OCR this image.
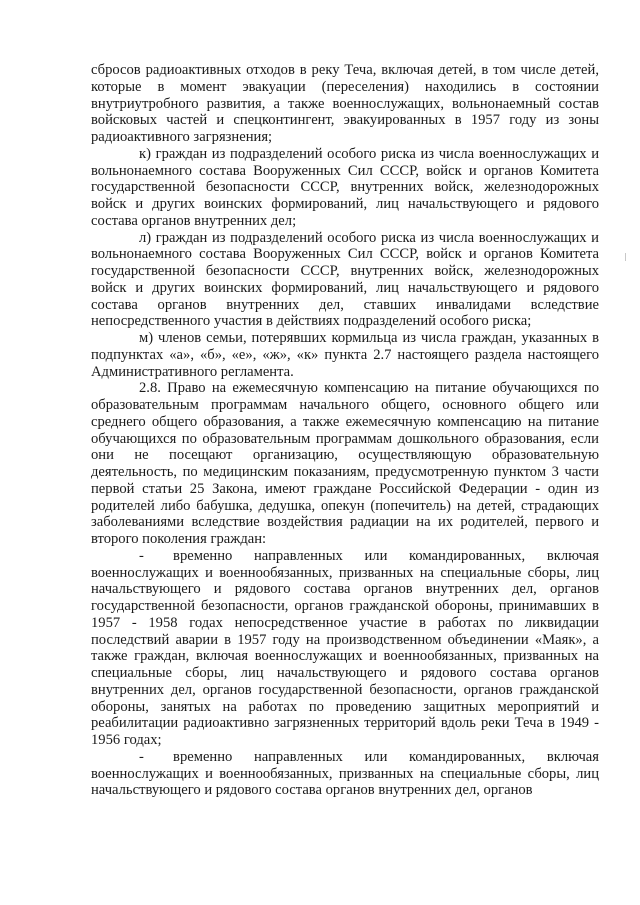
сбросов радиоактивных отходов в реку Теча, включая детей, в том числе детей, которые в момент эвакуации (переселения) находились в состоянии внутриутробного развития, а также военнослужащих, вольнонаемный состав войсковых частей и спецконтингент, эвакуированных в 1957 году из зоны радиоактивного загрязнения;

к) граждан из подразделений особого риска из числа военнослужащих и вольнонаемного состава Вооруженных Сил СССР, войск и органов Комитета государственной безопасности СССР, внутренних войск, железнодорожных войск и других воинских формирований, лиц начальствующего и рядового состава органов внутренних дел;

л) граждан из подразделений особого риска из числа военнослужащих и вольнонаемного состава Вооруженных Сил СССР, войск и органов Комитета государственной безопасности СССР, внутренних войск, железнодорожных войск и других воинских формирований, лиц начальствующего и рядового состава органов внутренних дел, ставших инвалидами вследствие непосредственного участия в действиях подразделений особого риска;

м) членов семьи, потерявших кормильца из числа граждан, указанных в подпунктах «а», «б», «е», «ж», «к» пункта 2.7 настоящего раздела настоящего Административного регламента.

2.8. Право на ежемесячную компенсацию на питание обучающихся по образовательным программам начального общего, основного общего или среднего общего образования, а также ежемесячную компенсацию на питание обучающихся по образовательным программам дошкольного образования, если они не посещают организацию, осуществляющую образовательную деятельность, по медицинским показаниям, предусмотренную пунктом 3 части первой статьи 25 Закона, имеют граждане Российской Федерации - один из родителей либо бабушка, дедушка, опекун (попечитель) на детей, страдающих заболеваниями вследствие воздействия радиации на их родителей, первого и второго поколения граждан:

-  временно направленных или командированных, включая военнослужащих и военнообязанных, призванных на специальные сборы, лиц начальствующего и рядового состава органов внутренних дел, органов государственной безопасности, органов гражданской обороны, принимавших в 1957 - 1958 годах непосредственное участие в работах по ликвидации последствий аварии в 1957 году на производственном объединении «Маяк», а также граждан, включая военнослужащих и военнообязанных, призванных на специальные сборы, лиц начальствующего и рядового состава органов внутренних дел, органов государственной безопасности, органов гражданской обороны, занятых на работах по проведению защитных мероприятий и реабилитации радиоактивно загрязненных территорий вдоль реки Теча в 1949 - 1956 годах;

-  временно направленных или командированных, включая военнослужащих и военнообязанных, призванных на специальные сборы, лиц начальствующего и рядового состава органов внутренних дел, органов
